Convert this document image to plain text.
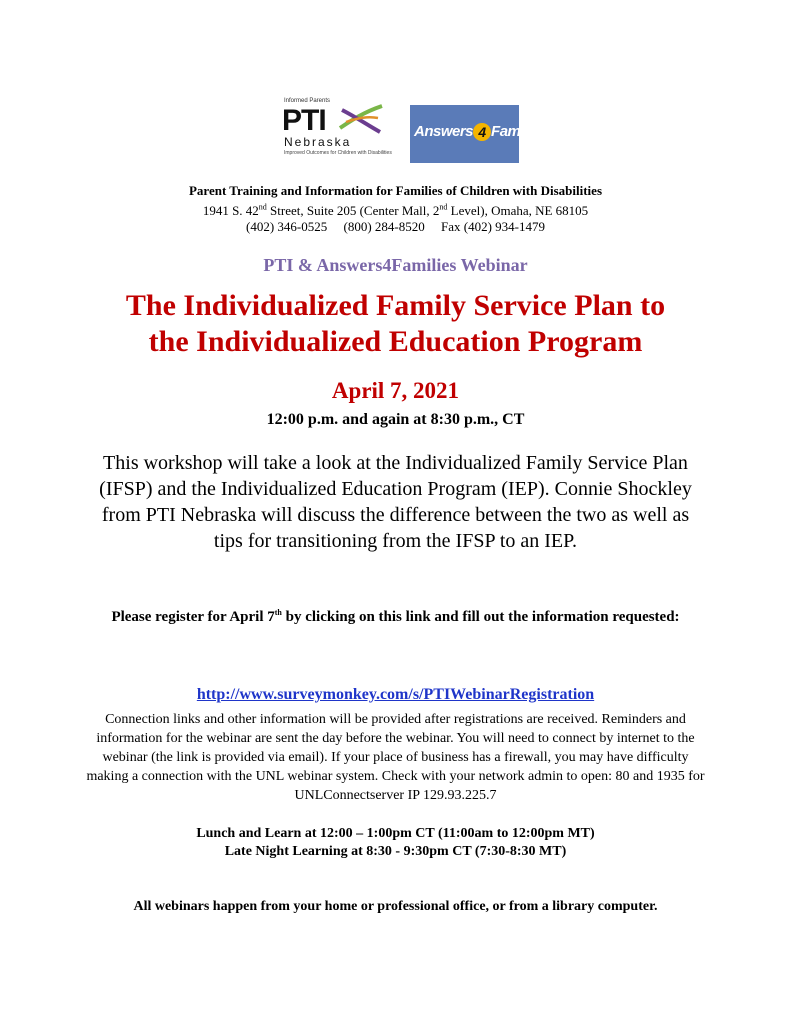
Informed Parents
PTI
Nebraska
Improved Outcomes for Children with Disabilities
Answers 4 Families
Parent Training and Information for Families of Children with Disabilities
1941 S. 42nd Street, Suite 205 (Center Mall, 2nd Level), Omaha, NE 68105
(402) 346-0525     (800) 284-8520     Fax (402) 934-1479
PTI & Answers4Families Webinar
The Individualized Family Service Plan to
the Individualized Education Program
April 7, 2021
12:00 p.m. and again at 8:30 p.m., CT
This workshop will take a look at the Individualized Family Service Plan (IFSP) and the Individualized Education Program (IEP). Connie Shockley from PTI Nebraska will discuss the difference between the two as well as tips for transitioning from the IFSP to an IEP.
Please register for April 7th by clicking on this link and fill out the information requested:
http://www.surveymonkey.com/s/PTIWebinarRegistration
Connection links and other information will be provided after registrations are received. Reminders and information for the webinar are sent the day before the webinar. You will need to connect by internet to the webinar (the link is provided via email). If your place of business has a firewall, you may have difficulty making a connection with the UNL webinar system. Check with your network admin to open: 80 and 1935 for UNLConnectserver IP 129.93.225.7
Lunch and Learn at 12:00 – 1:00pm CT (11:00am to 12:00pm MT)
Late Night Learning at 8:30 - 9:30pm CT (7:30-8:30 MT)
All webinars happen from your home or professional office, or from a library computer.
